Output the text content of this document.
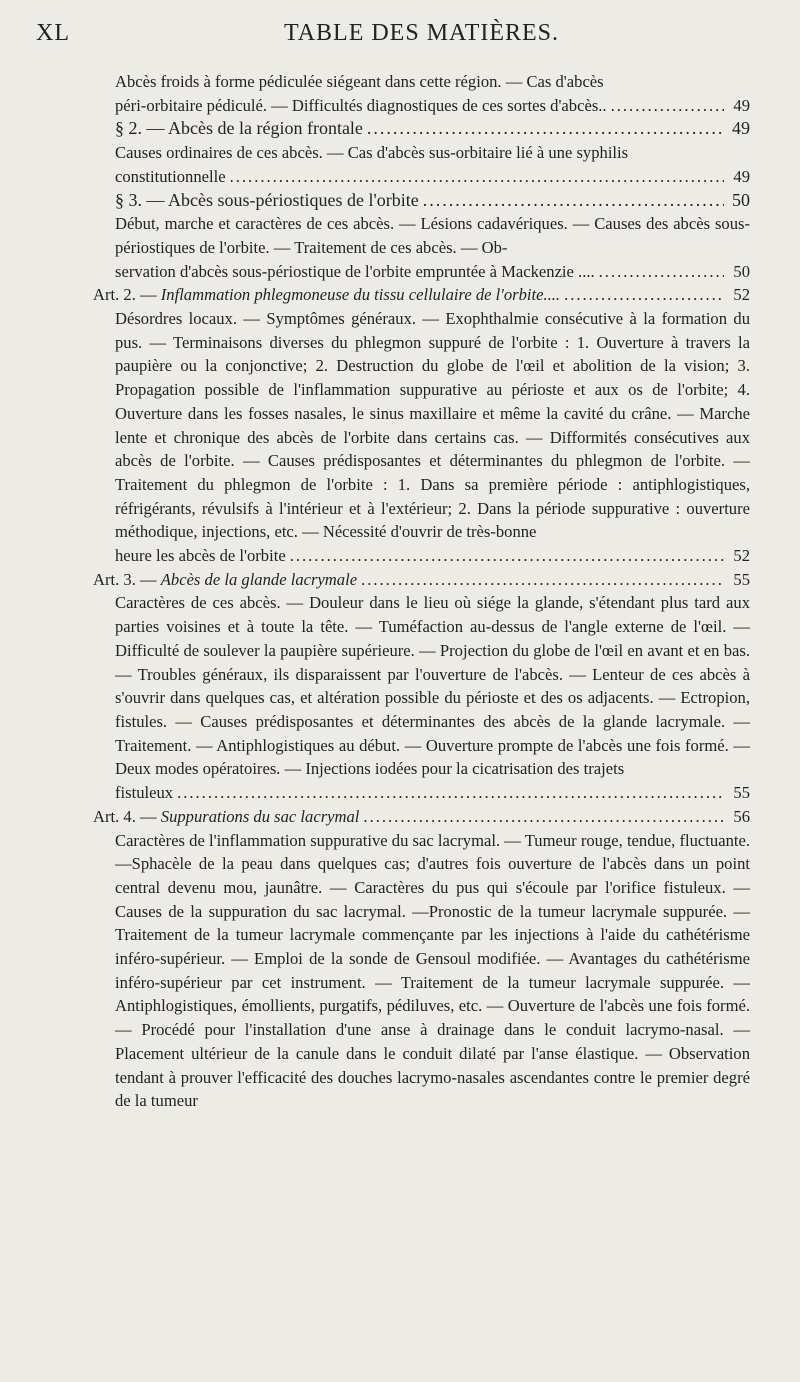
XL	TABLE DES MATIÈRES.
Abcès froids à forme pédiculée siégeant dans cette région. — Cas d'abcès
péri-orbitaire pédiculé. — Difficultés diagnostiques de ces sortes d'abcès.. .....	49
§ 2. — Abcès de la région frontale .....	49
Causes ordinaires de ces abcès. — Cas d'abcès sus-orbitaire lié à une syphilis
constitutionnelle .....	49
§ 3. — Abcès sous-périostiques de l'orbite .....	50
Début, marche et caractères de ces abcès. — Lésions cadavériques. — Causes des abcès sous-périostiques de l'orbite. — Traitement de ces abcès. — Ob-
servation d'abcès sous-périostique de l'orbite empruntée à Mackenzie .... .....	50
Art. 2. —
Inflammation phlegmoneuse du tissu cellulaire de l'orbite.... .....	52
Désordres locaux. — Symptômes généraux. — Exophthalmie consécutive à la formation du pus. — Terminaisons diverses du phlegmon suppuré de l'orbite : 1. Ouverture à travers la paupière ou la conjonctive; 2. Destruction du globe de l'œil et abolition de la vision; 3. Propagation possible de l'inflammation suppurative au périoste et aux os de l'orbite; 4. Ouverture dans les fosses nasales, le sinus maxillaire et même la cavité du crâne. — Marche lente et chronique des abcès de l'orbite dans certains cas. — Difformités consécutives aux abcès de l'orbite. — Causes prédisposantes et déterminantes du phlegmon de l'orbite. — Traitement du phlegmon de l'orbite : 1. Dans sa première période : antiphlogistiques, réfrigérants, révulsifs à l'intérieur et à l'extérieur; 2. Dans la période suppurative : ouverture méthodique, injections, etc. — Nécessité d'ouvrir de très-bonne
heure les abcès de l'orbite .....	52
Art. 3. —
Abcès de la glande lacrymale .....	55
Caractères de ces abcès. — Douleur dans le lieu où siége la glande, s'étendant plus tard aux parties voisines et à toute la tête. — Tuméfaction au-dessus de l'angle externe de l'œil. — Difficulté de soulever la paupière supérieure. — Projection du globe de l'œil en avant et en bas. — Troubles généraux, ils disparaissent par l'ouverture de l'abcès. — Lenteur de ces abcès à s'ouvrir dans quelques cas, et altération possible du périoste et des os adjacents. — Ectropion, fistules. — Causes prédisposantes et déterminantes des abcès de la glande lacrymale. — Traitement. — Antiphlogistiques au début. — Ouverture prompte de l'abcès une fois formé. — Deux modes opératoires. — Injections iodées pour la cicatrisation des trajets
fistuleux .....	55
Art. 4. —
Suppurations du sac lacrymal .....	56
Caractères de l'inflammation suppurative du sac lacrymal. — Tumeur rouge, tendue, fluctuante.—Sphacèle de la peau dans quelques cas; d'autres fois ouverture de l'abcès dans un point central devenu mou, jaunâtre. — Caractères du pus qui s'écoule par l'orifice fistuleux. — Causes de la suppuration du sac lacrymal. —Pronostic de la tumeur lacrymale suppurée. — Traitement de la tumeur lacrymale commençante par les injections à l'aide du cathétérisme inféro-supérieur. — Emploi de la sonde de Gensoul modifiée. — Avantages du cathétérisme inféro-supérieur par cet instrument. — Traitement de la tumeur lacrymale suppurée. — Antiphlogistiques, émollients, purgatifs, pédiluves, etc. — Ouverture de l'abcès une fois formé. — Procédé pour l'installation d'une anse à drainage dans le conduit lacrymo-nasal. — Placement ultérieur de la canule dans le conduit dilaté par l'anse élastique. — Observation tendant à prouver l'efficacité des douches lacrymo-nasales ascendantes contre le premier degré de la tumeur
